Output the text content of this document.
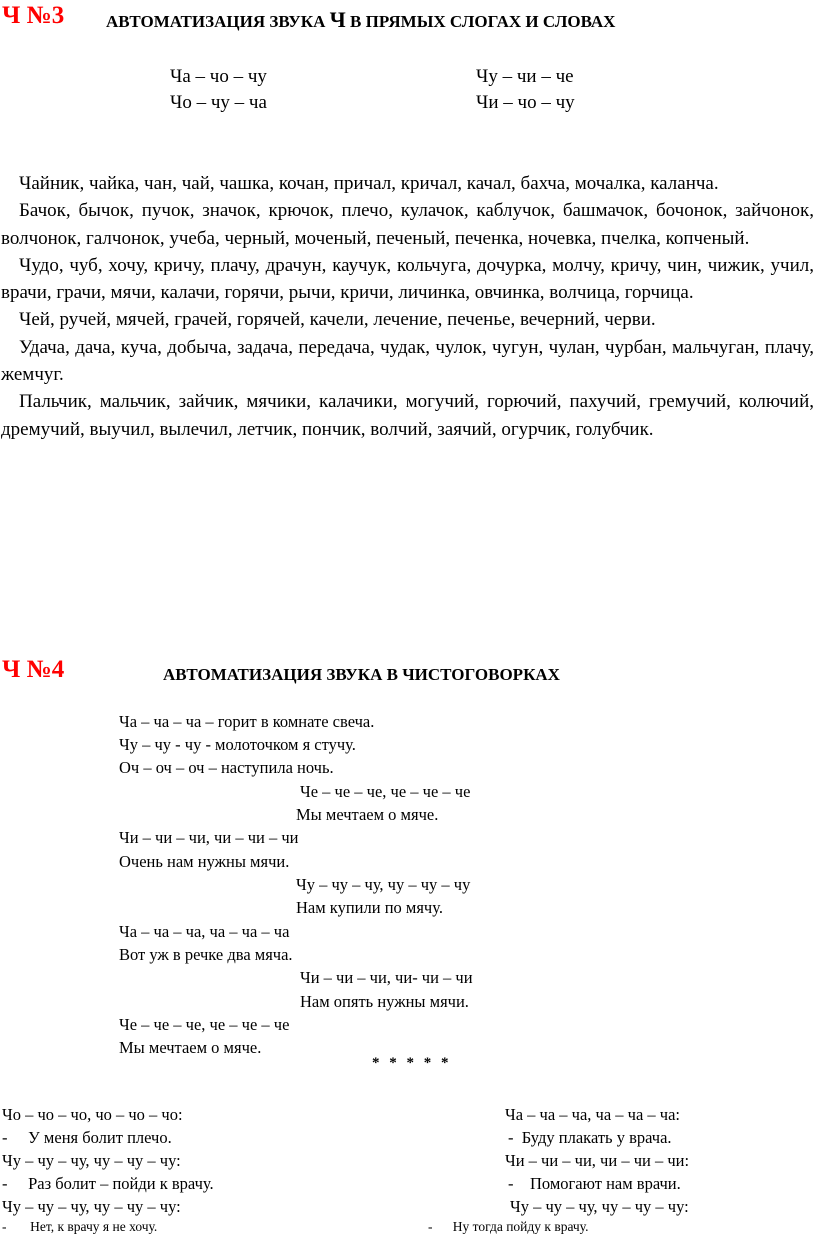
Ч №3 АВТОМАТИЗАЦИЯ ЗВУКА Ч В ПРЯМЫХ СЛОГАХ И СЛОВАХ
Ча – чо – чу
Чо – чу – ча
Чу – чи – че
Чи – чо – чу

Чайник, чайка, чан, чай, чашка, кочан, причал, кричал, качал, бахча, мочалка, каланча.

Бачок, бычок, пучок, значок, крючок, плечо, кулачок, каблучок, башмачок, бочонок, зайчонок, волчонок, галчонок, учеба, черный, моченый, печеный, печенка, ночевка, пчелка, копченый.

Чудо, чуб, хочу, кричу, плачу, драчун, каучук, кольчуга, дочурка, молчу, кричу, чин, чижик, учил, врачи, грачи, мячи, калачи, горячи, рычи, кричи, личинка, овчинка, волчица, горчица.

Чей, ручей, мячей, грачей, горячей, качели, лечение, печенье, вечерний, черви.

Удача, дача, куча, добыча, задача, передача, чудак, чулок, чугун, чулан, чурбан, мальчуган, плачу, жемчуг.

Пальчик, мальчик, зайчик, мячики, калачики, могучий, горючий, пахучий, гремучий, колючий, дремучий, выучил, вылечил, летчик, пончик, волчий, заячий, огурчик, голубчик.

Ч №4	АВТОМАТИЗАЦИЯ ЗВУКА В ЧИСТОГОВОРКАХ
Ча – ча – ча – горит в комнате свеча.
Чу – чу - чу - молоточком я стучу.
Оч – оч – оч – наступила ночь.
Че – че – че, че – че – че
Мы мечтаем о мяче.
Чи – чи – чи, чи – чи – чи
Очень нам нужны мячи.
Чу – чу – чу, чу – чу – чу
Нам купили по мячу.
Ча – ча – ча, ча – ча – ча
Вот уж в речке два мяча.
Чи – чи – чи, чи- чи – чи
Нам опять нужны мячи.
Че – че – че, че – че – че
Мы мечтаем о мяче.
* * * * *
Чо – чо – чо, чо – чо – чо:
-     У меня болит плечо.
Чу – чу – чу, чу – чу – чу:
-     Раз болит – пойди к врачу.
Чу – чу – чу, чу – чу – чу:
-       Нет, к врачу я не хочу.
Ча – ча – ча, ча – ча – ча:
-  Буду плакать у врача.
Чи – чи – чи, чи – чи – чи:
-    Помогают нам врачи.
Чу – чу – чу, чу – чу – чу:
-      Ну тогда пойду к врачу.
